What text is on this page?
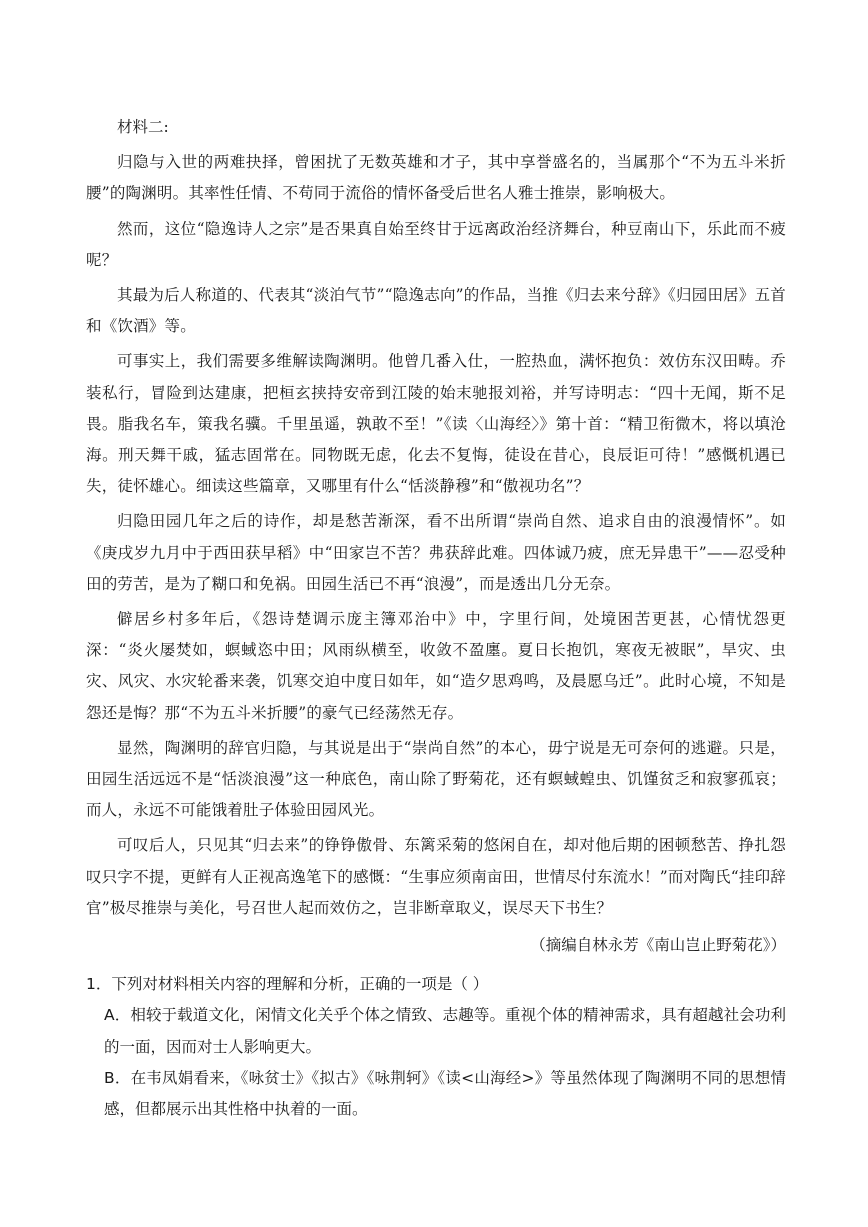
材料二:

归隐与入世的两难抉择，曾困扰了无数英雄和才子，其中享誉盛名的，当属那个“不为五斗米折腰”的陶渊明。其率性任情、不苟同于流俗的情怀备受后世名人雅士推崇，影响极大。

然而，这位“隐逸诗人之宗”是否果真自始至终甘于远离政治经济舞台，种豆南山下，乐此而不疲呢？

其最为后人称道的、代表其“淡泊气节”“隐逸志向”的作品，当推《归去来兮辞》《归园田居》五首和《饮酒》等。

可事实上，我们需要多维解读陶渊明。他曾几番入仕，一腔热血，满怀抱负：效仿东汉田畴。乔装私行，冒险到达建康，把桓玄挟持安帝到江陵的始末驰报刘裕，并写诗明志：“四十无闻，斯不足畏。脂我名车，策我名骥。千里虽遥，孰敢不至！”《读〈山海经〉》第十首：“精卫衔微木，将以填沧海。刑天舞干戚，猛志固常在。同物既无虑，化去不复悔，徒设在昔心，良辰讵可待！”感慨机遇已失，徒怀雄心。细读这些篇章，又哪里有什么“恬淡静穆”和“傲视功名”？

归隐田园几年之后的诗作，却是愁苦渐深，看不出所谓“崇尚自然、追求自由的浪漫情怀”。如《庚戌岁九月中于西田获早稻》中“田家岂不苦？弗获辞此难。四体诚乃疲，庶无异患干”——忍受种田的劳苦，是为了糊口和免祸。田园生活已不再“浪漫”，而是透出几分无奈。

僻居乡村多年后，《怨诗楚调示庞主簿邓治中》中，字里行间，处境困苦更甚，心情忧怨更深：“炎火屡焚如，螟蜮恣中田；风雨纵横至，收敛不盈廛。夏日长抱饥，寒夜无被眠”，旱灾、虫灾、风灾、水灾轮番来袭，饥寒交迫中度日如年，如“造夕思鸡鸣，及晨愿乌迁”。此时心境，不知是怨还是悔？那“不为五斗米折腰”的豪气已经荡然无存。

显然，陶渊明的辞官归隐，与其说是出于“崇尚自然”的本心，毋宁说是无可奈何的逃避。只是，田园生活远远不是“恬淡浪漫”这一种底色，南山除了野菊花，还有螟蜮蝗虫、饥馑贫乏和寂寥孤哀；而人，永远不可能饿着肚子体验田园风光。

可叹后人，只见其“归去来”的铮铮傲骨、东篱采菊的悠闲自在，却对他后期的困顿愁苦、挣扎怨叹只字不提，更鲜有人正视高逸笔下的感慨：“生事应须南亩田，世情尽付东流水！”而对陶氏“挂印辞官”极尽推崇与美化，号召世人起而效仿之，岂非断章取义，误尽天下书生？

（摘编自林永芳《南山岂止野菊花》）

1．下列对材料相关内容的理解和分析，正确的一项是（ ）

A．相较于载道文化，闲情文化关乎个体之情致、志趣等。重视个体的精神需求，具有超越社会功利的一面，因而对士人影响更大。

B．在韦凤娟看来，《咏贫士》《拟古》《咏荆轲》《读<山海经>》等虽然体现了陶渊明不同的思想情感，但都展示出其性格中执着的一面。
